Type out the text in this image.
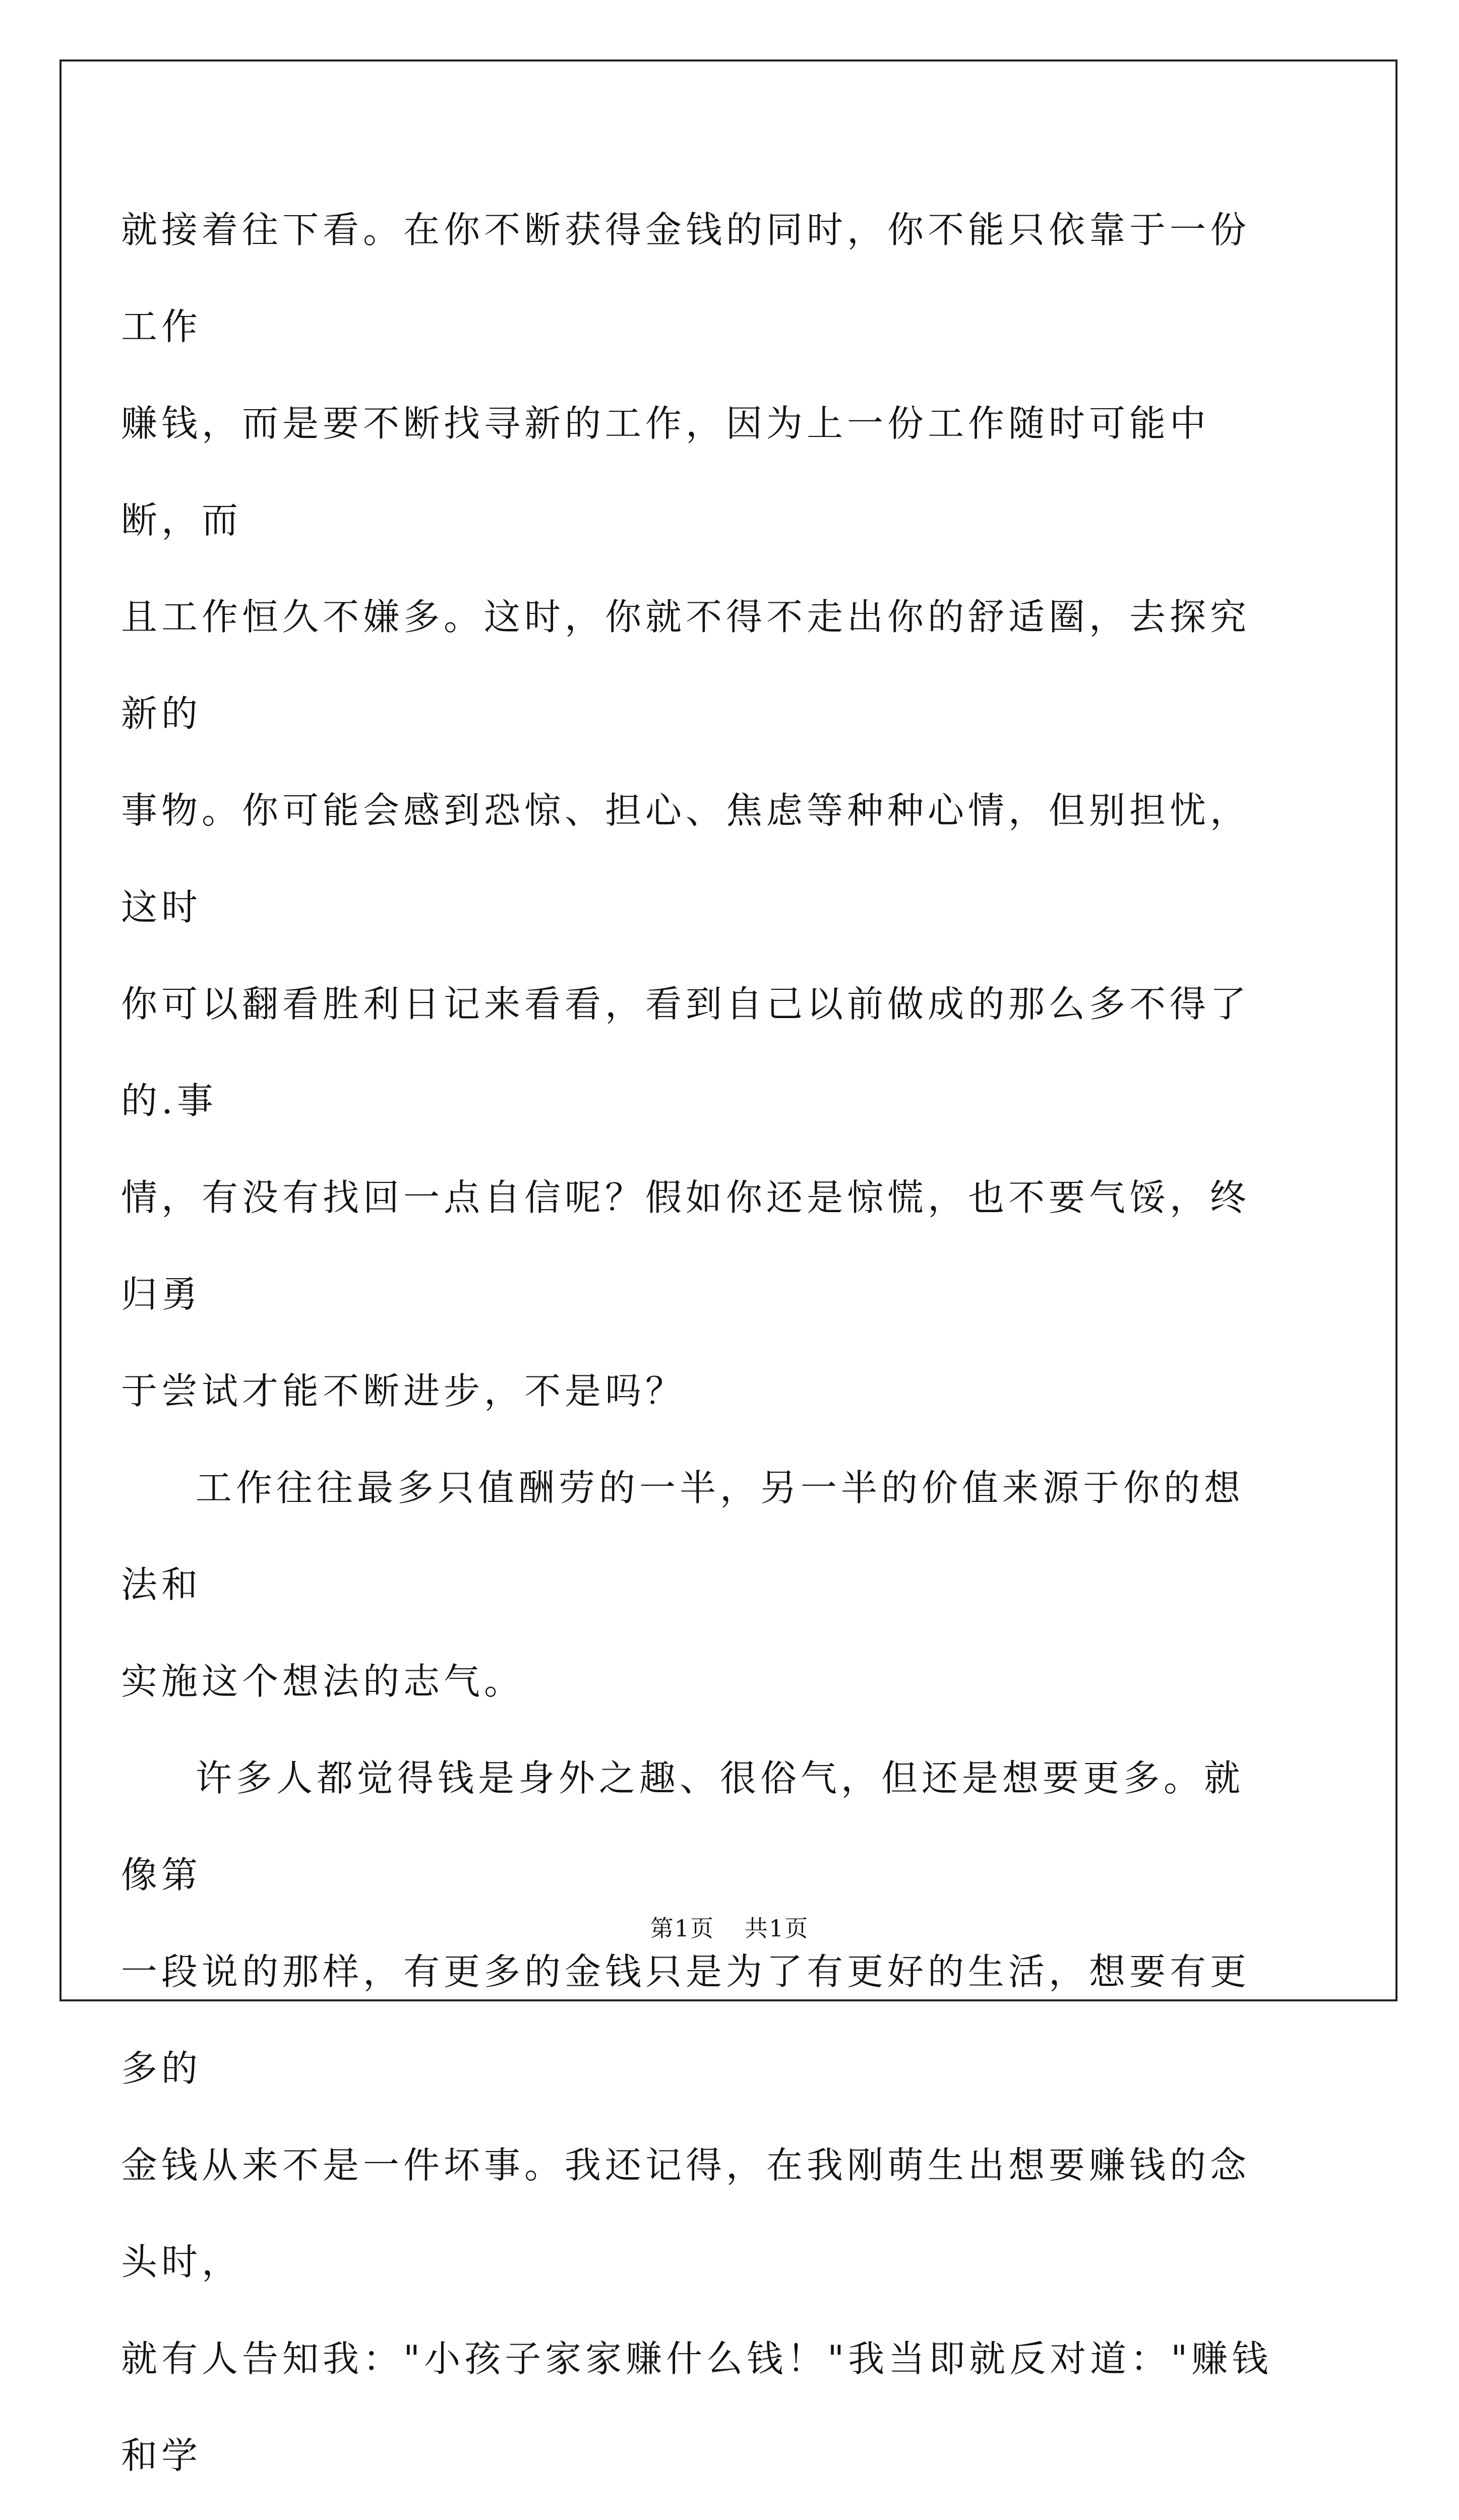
就接着往下看。在你不断获得金钱的同时，你不能只依靠于一份工作
赚钱，而是要不断找寻新的工作，因为上一份工作随时可能中断，而
且工作恒久不嫌多。这时，你就不得不走出你的舒适圈，去探究新的
事物。你可能会感到恐惊、担心、焦虑等种种心情，但别担忧，这时
你可以翻看胜利日记来看看，看到自己以前做成的那么多不得了的.事
情，有没有找回一点自信呢？假如你还是惊慌，也不要气馁，终归勇
于尝试才能不断进步，不是吗？

工作往往最多只值酬劳的一半，另一半的价值来源于你的想法和
实施这个想法的志气。

许多人都觉得钱是身外之趣、很俗气，但还是想要更多。就像第
一段说的那样，有更多的金钱只是为了有更好的生活，想要有更多的
金钱从来不是一件坏事。我还记得，在我刚萌生出想要赚钱的念头时，
就有人告知我："小孩子家家赚什么钱！"我当即就反对道："赚钱和学

第1页 共1页
